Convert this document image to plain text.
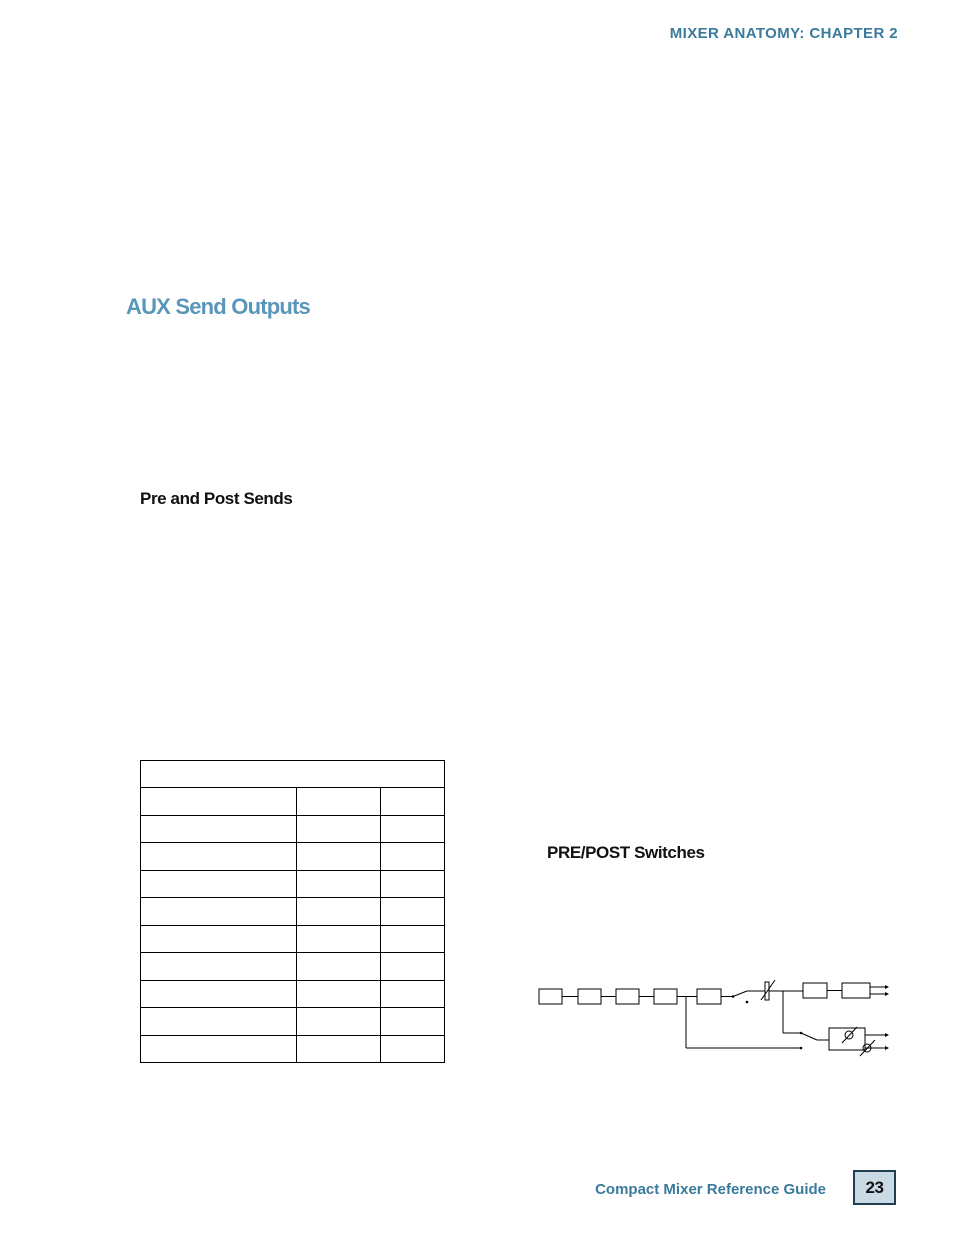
MIXER ANATOMY: CHAPTER 2
AUX Send Outputs
Pre and Post Sends

PRE/POST Switches
Compact Mixer Reference Guide 23
